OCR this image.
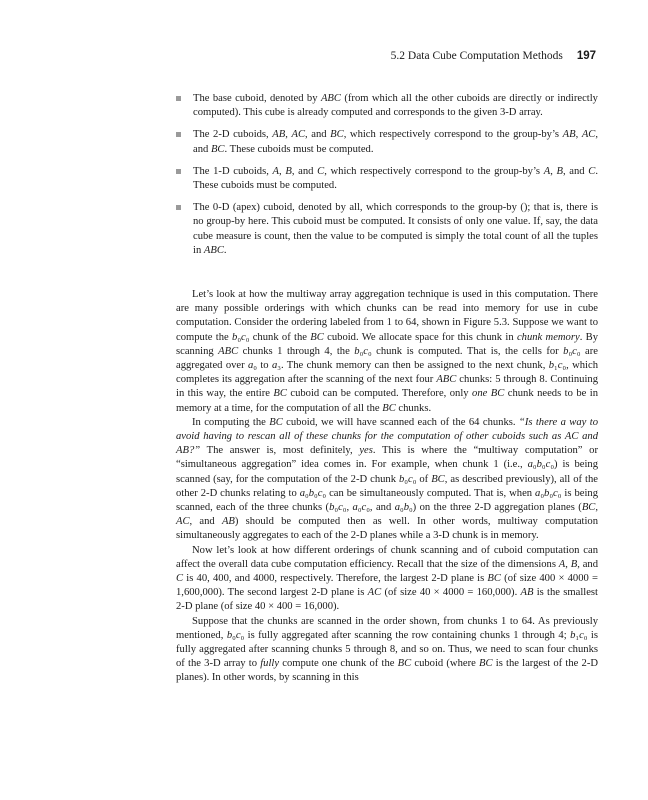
5.2 Data Cube Computation Methods 197
The base cuboid, denoted by ABC (from which all the other cuboids are directly or indirectly computed). This cube is already computed and corresponds to the given 3-D array.
The 2-D cuboids, AB, AC, and BC, which respectively correspond to the group-by’s AB, AC, and BC. These cuboids must be computed.
The 1-D cuboids, A, B, and C, which respectively correspond to the group-by’s A, B, and C. These cuboids must be computed.
The 0-D (apex) cuboid, denoted by all, which corresponds to the group-by (); that is, there is no group-by here. This cuboid must be computed. It consists of only one value. If, say, the data cube measure is count, then the value to be computed is simply the total count of all the tuples in ABC.

Let’s look at how the multiway array aggregation technique is used in this computation. There are many possible orderings with which chunks can be read into memory for use in cube computation. Consider the ordering labeled from 1 to 64, shown in Figure 5.3. Suppose we want to compute the b₀c₀ chunk of the BC cuboid. We allocate space for this chunk in chunk memory. By scanning ABC chunks 1 through 4, the b₀c₀ chunk is computed. That is, the cells for b₀c₀ are aggregated over a₀ to a₃. The chunk memory can then be assigned to the next chunk, b₁c₀, which completes its aggregation after the scanning of the next four ABC chunks: 5 through 8. Continuing in this way, the entire BC cuboid can be computed. Therefore, only one BC chunk needs to be in memory at a time, for the computation of all the BC chunks.

In computing the BC cuboid, we will have scanned each of the 64 chunks. “Is there a way to avoid having to rescan all of these chunks for the computation of other cuboids such as AC and AB?” The answer is, most definitely, yes. This is where the “multiway computation” or “simultaneous aggregation” idea comes in. For example, when chunk 1 (i.e., a₀b₀c₀) is being scanned (say, for the computation of the 2-D chunk b₀c₀ of BC, as described previously), all of the other 2-D chunks relating to a₀b₀c₀ can be simultaneously computed. That is, when a₀b₀c₀ is being scanned, each of the three chunks (b₀c₀, a₀c₀, and a₀b₀) on the three 2-D aggregation planes (BC, AC, and AB) should be computed then as well. In other words, multiway computation simultaneously aggregates to each of the 2-D planes while a 3-D chunk is in memory.

Now let’s look at how different orderings of chunk scanning and of cuboid computation can affect the overall data cube computation efficiency. Recall that the size of the dimensions A, B, and C is 40, 400, and 4000, respectively. Therefore, the largest 2-D plane is BC (of size 400 × 4000 = 1,600,000). The second largest 2-D plane is AC (of size 40 × 4000 = 160,000). AB is the smallest 2-D plane (of size 40 × 400 = 16,000).

Suppose that the chunks are scanned in the order shown, from chunks 1 to 64. As previously mentioned, b₀c₀ is fully aggregated after scanning the row containing chunks 1 through 4; b₁c₀ is fully aggregated after scanning chunks 5 through 8, and so on. Thus, we need to scan four chunks of the 3-D array to fully compute one chunk of the BC cuboid (where BC is the largest of the 2-D planes). In other words, by scanning in this
